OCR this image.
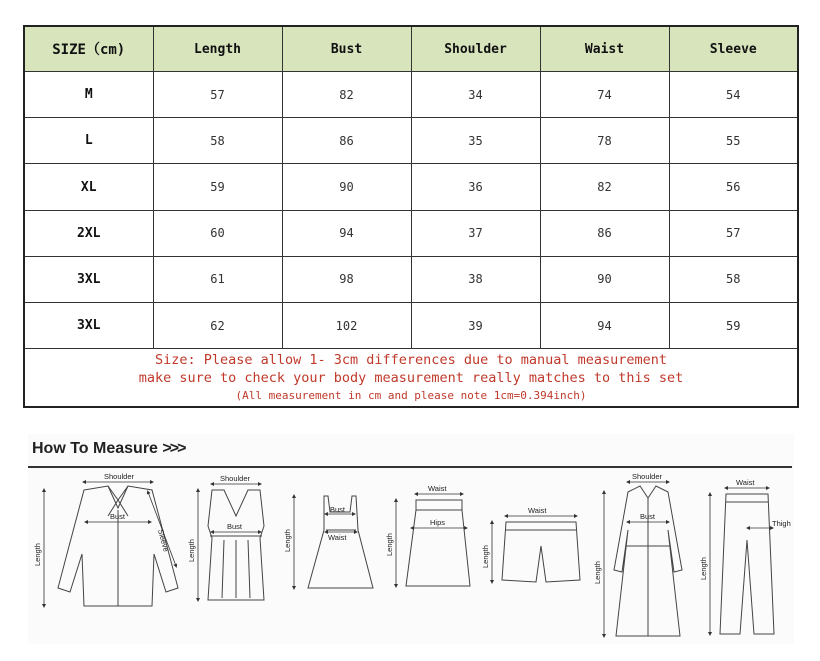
SIZE（cm)	Length	Bust	Shoulder	Waist	Sleeve
M	57	82	34	74	54
L	58	86	35	78	55
XL	59	90	36	82	56
2XL	60	94	37	86	57
3XL	61	98	38	90	58
3XL	62	102	39	94	59

Size: Please allow 1- 3cm differences due to manual measurement
make sure to check your body measurement really matches to this set
(All measurement in cm and please note 1cm=0.394inch)					
How To Measure >>>
Shoulder
Bust
Length
Sleeve
Shoulder
Bust
Length
Bust
Waist
Length
Waist
Hips
Length
Waist
Length
Shoulder
Bust
Length
Waist
Thigh
Length
